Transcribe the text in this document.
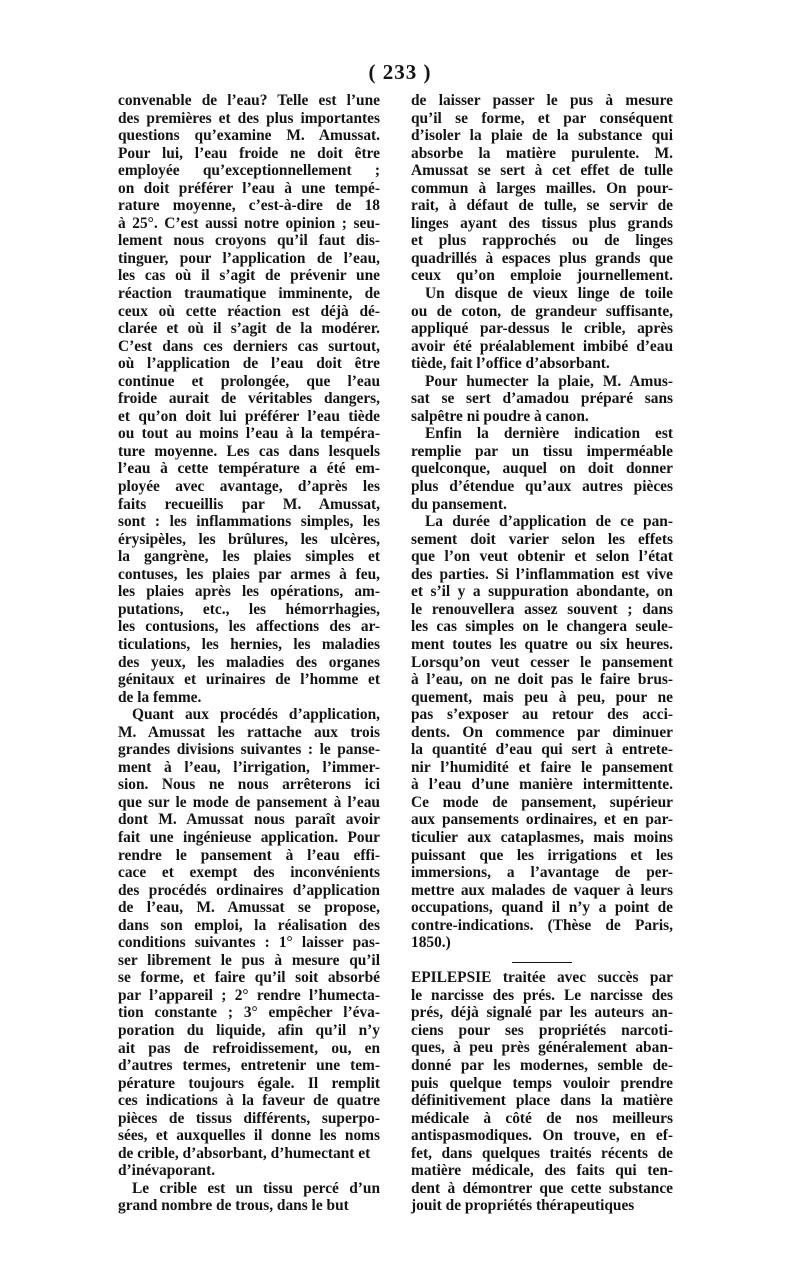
( 233 )
convenable de l’eau? Telle est l’une
des premières et des plus importantes
questions qu’examine M. Amussat.
Pour lui, l’eau froide ne doit être
employée qu’exceptionnellement ;
on doit préférer l’eau à une tempé-
rature moyenne, c’est-à-dire de 18
à 25°. C’est aussi notre opinion ; seu-
lement nous croyons qu’il faut dis-
tinguer, pour l’application de l’eau,
les cas où il s’agit de prévenir une
réaction traumatique imminente, de
ceux où cette réaction est déjà dé-
clarée et où il s’agit de la modérer.
C’est dans ces derniers cas surtout,
où l’application de l’eau doit être
continue et prolongée, que l’eau
froide aurait de véritables dangers,
et qu’on doit lui préférer l’eau tiède
ou tout au moins l’eau à la tempéra-
ture moyenne. Les cas dans lesquels
l’eau à cette température a été em-
ployée avec avantage, d’après les
faits recueillis par M. Amussat,
sont : les inflammations simples, les
érysipèles, les brûlures, les ulcères,
la gangrène, les plaies simples et
contuses, les plaies par armes à feu,
les plaies après les opérations, am-
putations, etc., les hémorrhagies,
les contusions, les affections des ar-
ticulations, les hernies, les maladies
des yeux, les maladies des organes
génitaux et urinaires de l’homme et
de la femme.
Quant aux procédés d’application,
M. Amussat les rattache aux trois
grandes divisions suivantes : le panse-
ment à l’eau, l’irrigation, l’immer-
sion. Nous ne nous arrêterons ici
que sur le mode de pansement à l’eau
dont M. Amussat nous paraît avoir
fait une ingénieuse application. Pour
rendre le pansement à l’eau effi-
cace et exempt des inconvénients
des procédés ordinaires d’application
de l’eau, M. Amussat se propose,
dans son emploi, la réalisation des
conditions suivantes : 1° laisser pas-
ser librement le pus à mesure qu’il
se forme, et faire qu’il soit absorbé
par l’appareil ; 2° rendre l’humecta-
tion constante ; 3° empêcher l’éva-
poration du liquide, afin qu’il n’y
ait pas de refroidissement, ou, en
d’autres termes, entretenir une tem-
pérature toujours égale. Il remplit
ces indications à la faveur de quatre
pièces de tissus différents, superpo-
sées, et auxquelles il donne les noms
de crible, d’absorbant, d’humectant et
d’inévaporant.
Le crible est un tissu percé d’un
grand nombre de trous, dans le but
de laisser passer le pus à mesure
qu’il se forme, et par conséquent
d’isoler la plaie de la substance qui
absorbe la matière purulente. M.
Amussat se sert à cet effet de tulle
commun à larges mailles. On pour-
rait, à défaut de tulle, se servir de
linges ayant des tissus plus grands
et plus rapprochés ou de linges
quadrillés à espaces plus grands que
ceux qu’on emploie journellement.
Un disque de vieux linge de toile
ou de coton, de grandeur suffisante,
appliqué par-dessus le crible, après
avoir été préalablement imbibé d’eau
tiède, fait l’office d’absorbant.
Pour humecter la plaie, M. Amus-
sat se sert d’amadou préparé sans
salpêtre ni poudre à canon.
Enfin la dernière indication est
remplie par un tissu imperméable
quelconque, auquel on doit donner
plus d’étendue qu’aux autres pièces
du pansement.
La durée d’application de ce pan-
sement doit varier selon les effets
que l’on veut obtenir et selon l’état
des parties. Si l’inflammation est vive
et s’il y a suppuration abondante, on
le renouvellera assez souvent ; dans
les cas simples on le changera seule-
ment toutes les quatre ou six heures.
Lorsqu’on veut cesser le pansement
à l’eau, on ne doit pas le faire brus-
quement, mais peu à peu, pour ne
pas s’exposer au retour des acci-
dents. On commence par diminuer
la quantité d’eau qui sert à entrete-
nir l’humidité et faire le pansement
à l’eau d’une manière intermittente.
Ce mode de pansement, supérieur
aux pansements ordinaires, et en par-
ticulier aux cataplasmes, mais moins
puissant que les irrigations et les
immersions, a l’avantage de per-
mettre aux malades de vaquer à leurs
occupations, quand il n’y a point de
contre-indications. (Thèse de Paris,
1850.)
EPILEPSIE traitée avec succès par
le narcisse des prés. Le narcisse des
prés, déjà signalé par les auteurs an-
ciens pour ses propriétés narcoti-
ques, à peu près généralement aban-
donné par les modernes, semble de-
puis quelque temps vouloir prendre
définitivement place dans la matière
médicale à côté de nos meilleurs
antispasmodiques. On trouve, en ef-
fet, dans quelques traités récents de
matière médicale, des faits qui ten-
dent à démontrer que cette substance
jouit de propriétés thérapeutiques
